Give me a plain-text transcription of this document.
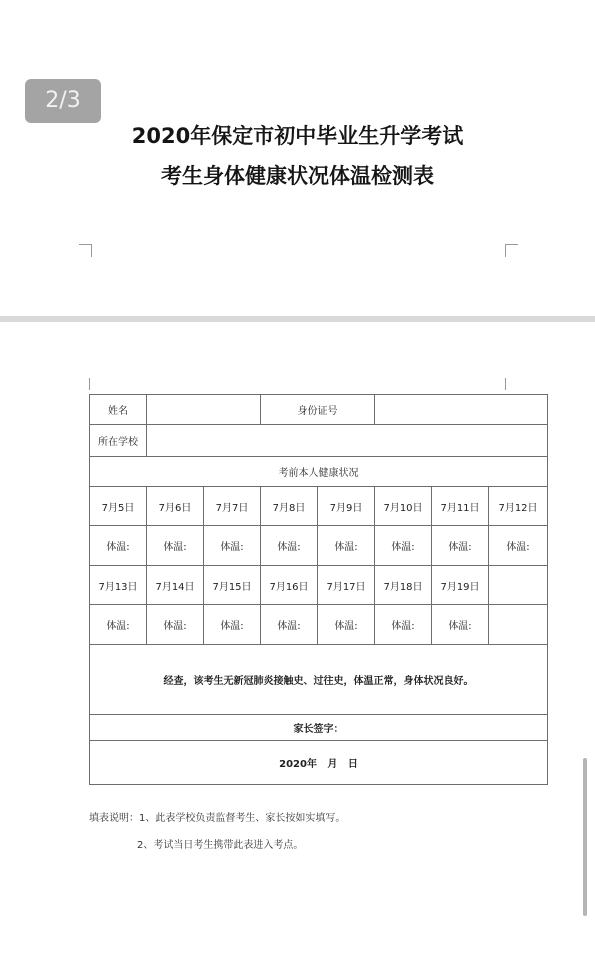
2/3
2020年保定市初中毕业生升学考试
考生身体健康状况体温检测表
姓名			身份证号				
所在学校							
考前本人健康状况							
7月5日	7月6日	7月7日	7月8日	7月9日	7月10日	7月11日	7月12日
体温:	体温:	体温:	体温:	体温:	体温:	体温:	体温:
7月13日	7月14日	7月15日	7月16日	7月17日	7月18日	7月19日	
体温:	体温:	体温:	体温:	体温:	体温:	体温:	
经查，该考生无新冠肺炎接触史、过往史，体温正常，身体状况良好。							
家长签字：							
2020年   月   日							
填表说明：1、此表学校负责监督考生、家长按如实填写。
2、考试当日考生携带此表进入考点。
